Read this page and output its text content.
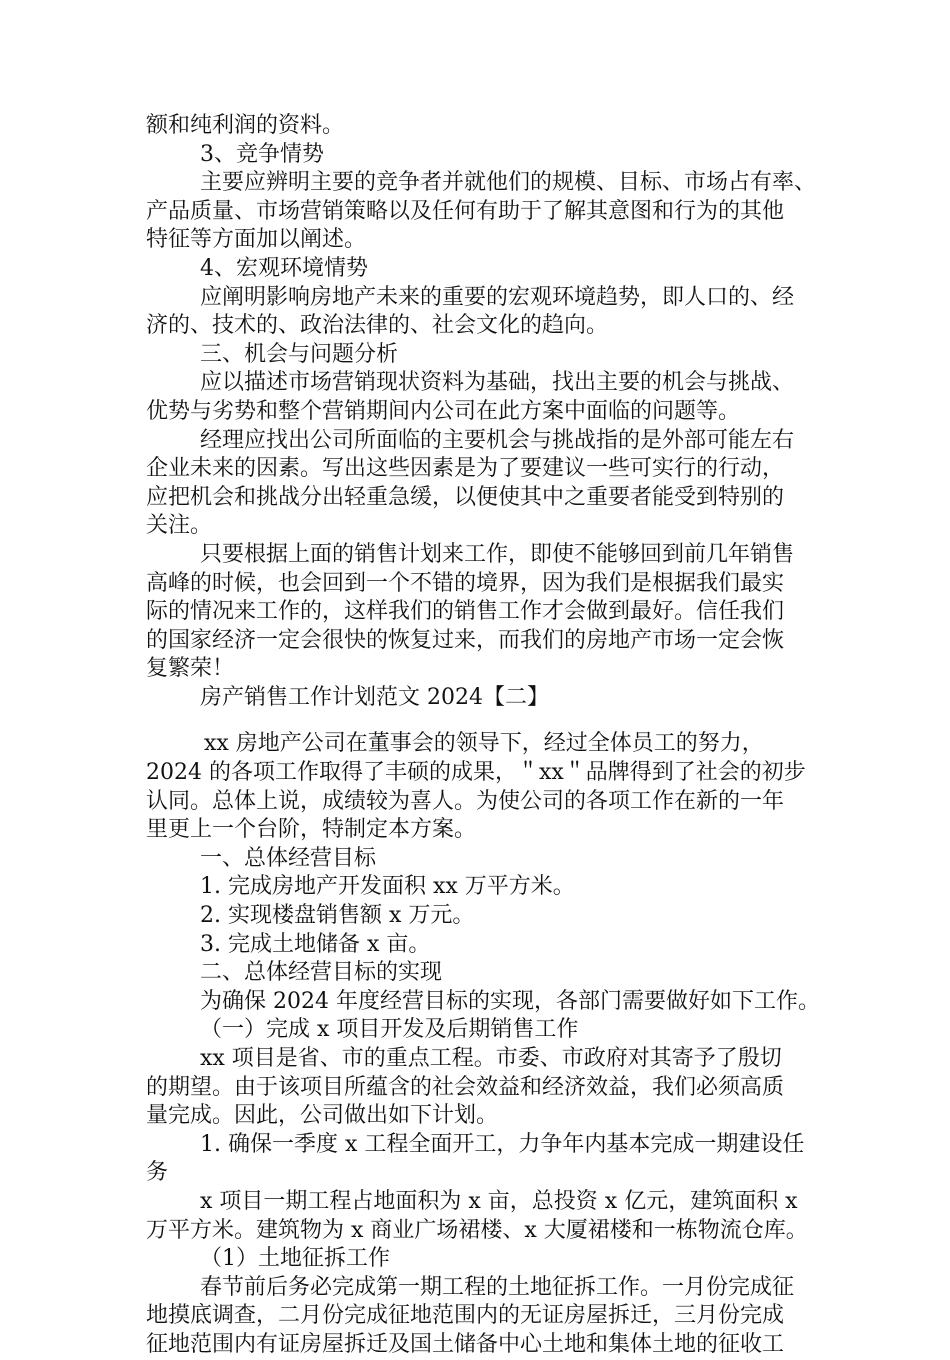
额和纯利润的资料。
3、竞争情势
主要应辨明主要的竞争者并就他们的规模、目标、市场占有率、
产品质量、市场营销策略以及任何有助于了解其意图和行为的其他
特征等方面加以阐述。
4、宏观环境情势
应阐明影响房地产未来的重要的宏观环境趋势，即人口的、经
济的、技术的、政治法律的、社会文化的趋向。
三、机会与问题分析
应以描述市场营销现状资料为基础，找出主要的机会与挑战、
优势与劣势和整个营销期间内公司在此方案中面临的问题等。
经理应找出公司所面临的主要机会与挑战指的是外部可能左右
企业未来的因素。写出这些因素是为了要建议一些可实行的行动，
应把机会和挑战分出轻重急缓，以便使其中之重要者能受到特别的
关注。
只要根据上面的销售计划来工作，即使不能够回到前几年销售
高峰的时候，也会回到一个不错的境界，因为我们是根据我们最实
际的情况来工作的，这样我们的销售工作才会做到最好。信任我们
的国家经济一定会很快的恢复过来，而我们的房地产市场一定会恢
复繁荣！
房产销售工作计划范文 2024【二】
xx 房地产公司在董事会的领导下，经过全体员工的努力，
2024 的各项工作取得了丰硕的成果，＂xx＂品牌得到了社会的初步
认同。总体上说，成绩较为喜人。为使公司的各项工作在新的一年
里更上一个台阶，特制定本方案。
一、总体经营目标
1. 完成房地产开发面积 xx 万平方米。
2. 实现楼盘销售额 x 万元。
3. 完成土地储备 x 亩。
二、总体经营目标的实现
为确保 2024 年度经营目标的实现，各部门需要做好如下工作。
（一）完成 x 项目开发及后期销售工作
xx 项目是省、市的重点工程。市委、市政府对其寄予了殷切
的期望。由于该项目所蕴含的社会效益和经济效益，我们必须高质
量完成。因此，公司做出如下计划。
1. 确保一季度 x 工程全面开工，力争年内基本完成一期建设任
务
x 项目一期工程占地面积为 x 亩，总投资 x 亿元，建筑面积 x
万平方米。建筑物为 x 商业广场裙楼、x 大厦裙楼和一栋物流仓库。
（1）土地征拆工作
春节前后务必完成第一期工程的土地征拆工作。一月份完成征
地摸底调查，二月份完成征地范围内的无证房屋拆迁，三月份完成
征地范围内有证房屋拆迁及国土储备中心土地和集体土地的征收工
